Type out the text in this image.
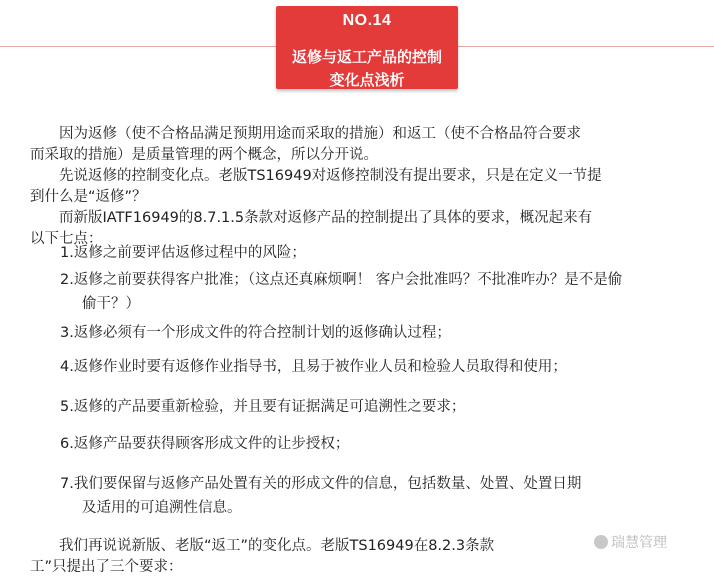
NO.14
返修与返工产品的控制
变化点浅析
　　因为返修（使不合格品满足预期用途而采取的措施）和返工（使不合格品符合要求
而采取的措施）是质量管理的两个概念，所以分开说。
　　先说返修的控制变化点。老版TS16949对返修控制没有提出要求，只是在定义一节提
到什么是“返修”？
　　而新版IATF16949的8.7.1.5条款对返修产品的控制提出了具体的要求，概况起来有
以下七点：
1.返修之前要评估返修过程中的风险；
2.返修之前要获得客户批准；（这点还真麻烦啊！ 客户会批准吗？不批准咋办？是不是偷
偷干？）
3.返修必须有一个形成文件的符合控制计划的返修确认过程；
4.返修作业时要有返修作业指导书，且易于被作业人员和检验人员取得和使用；
5.返修的产品要重新检验，并且要有证据满足可追溯性之要求；
6.返修产品要获得顾客形成文件的让步授权；
7.我们要保留与返修产品处置有关的形成文件的信息，包括数量、处置、处置日期
及适用的可追溯性信息。
　　我们再说说新版、老版“返工”的变化点。老版TS16949在8.2.3条款
工”只提出了三个要求：
瑞慧管理
